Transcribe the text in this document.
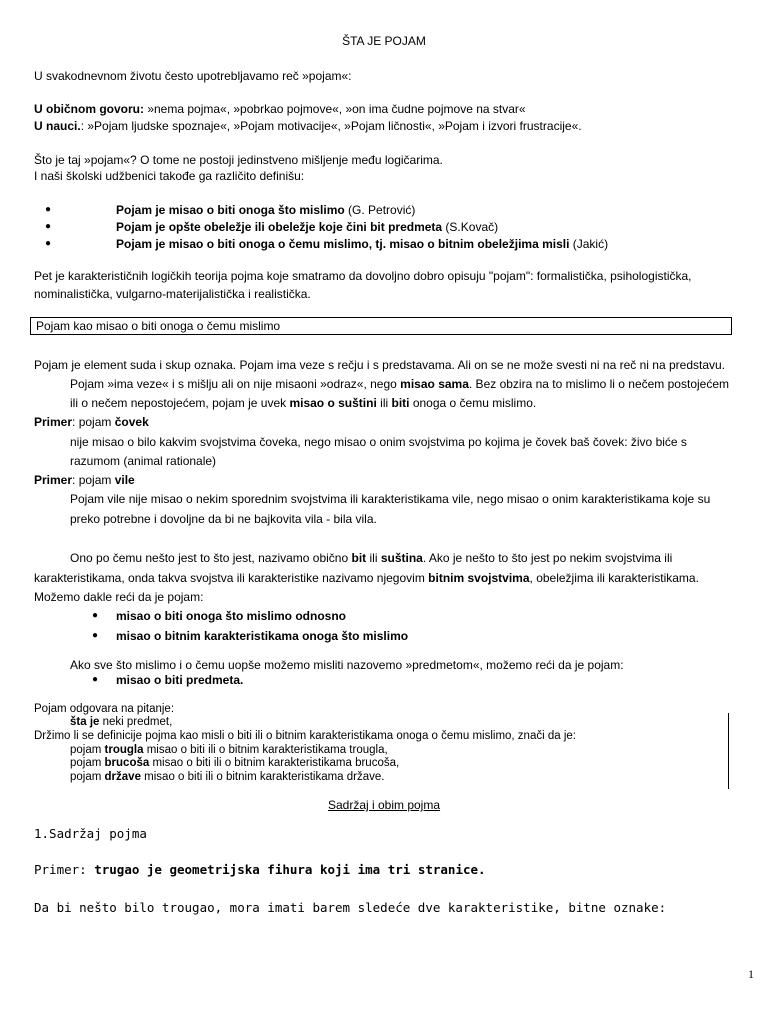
ŠTA JE POJAM
U svakodnevnom životu često upotrebljavamo reč »pojam«:
U običnom govoru: »nema pojma«, »pobrkao pojmove«, »on ima čudne pojmove na stvar«
U nauci.: »Pojam ljudske spoznaje«, »Pojam motivacije«, »Pojam ličnosti«, »Pojam i izvori frustracije«.
Što je taj »pojam«? O tome ne postoji jedinstveno mišljenje među logičarima.
I naši školski udžbenici takođe ga različito definišu:
●	Pojam je misao o biti onoga što mislimo (G. Petrović)
●	Pojam je opšte obeležje ili obeležje koje čini bit predmeta (S.Kovač)
●	Pojam je misao o biti onoga o čemu mislimo, tj. misao o bitnim obeležjima misli (Jakić)
Pet je karakterističnih logičkih teorija pojma koje smatramo da dovoljno dobro opisuju "pojam": formalistička, psihologistička,
nominalistička, vulgarno-materijalistička i realistička.
Pojam kao misao o biti onoga o čemu mislimo
Pojam je element suda i skup oznaka. Pojam ima veze s rečju i s predstavama. Ali on se ne može svesti ni na reč ni na predstavu.
Pojam »ima veze« i s mišlju ali on nije misaoni »odraz«, nego misao sama. Bez obzira na to mislimo li o nečem postojećem
ili o nečem nepostojećem, pojam je uvek misao o suštini ili biti onoga o čemu mislimo.
Primer: pojam čovek
nije misao o bilo kakvim svojstvima čoveka, nego misao o onim svojstvima po kojima je čovek baš čovek: živo biće s
razumom (animal rationale)
Primer: pojam vile
Pojam vile nije misao o nekim sporednim svojstvima ili karakteristikama vile, nego misao o onim karakteristikama koje su
preko potrebne i dovoljne da bi ne bajkovita vila - bila vila.
Ono po čemu nešto jest to što jest, nazivamo obično bit ili suština. Ako je nešto to što jest po nekim svojstvima ili
karakteristikama, onda takva svojstva ili karakteristike nazivamo njegovim bitnim svojstvima, obeležjima ili karakteristikama.
Možemo dakle reći da je pojam:
● misao o biti onoga što mislimo odnosno
● misao o bitnim karakteristikama onoga što mislimo
Ako sve što mislimo i o čemu uopše možemo misliti nazovemo »predmetom«, možemo reći da je pojam:
● misao o biti predmeta.
Pojam odgovara na pitanje:
šta je neki predmet,
Držimo li se definicije pojma kao misli o biti ili o bitnim karakteristikama onoga o čemu mislimo, znači da je:
pojam trougla misao o biti ili o bitnim karakteristikama trougla,
pojam brucoša misao o biti ili o bitnim karakteristikama brucoša,
pojam države misao o biti ili o bitnim karakteristikama države.
Sadržaj i obim pojma
1.Sadržaj pojma
Primer: trugao je geometrijska fihura koji ima tri stranice.
Da bi nešto bilo trougao, mora imati barem sledeće dve karakteristike, bitne oznake:
1
